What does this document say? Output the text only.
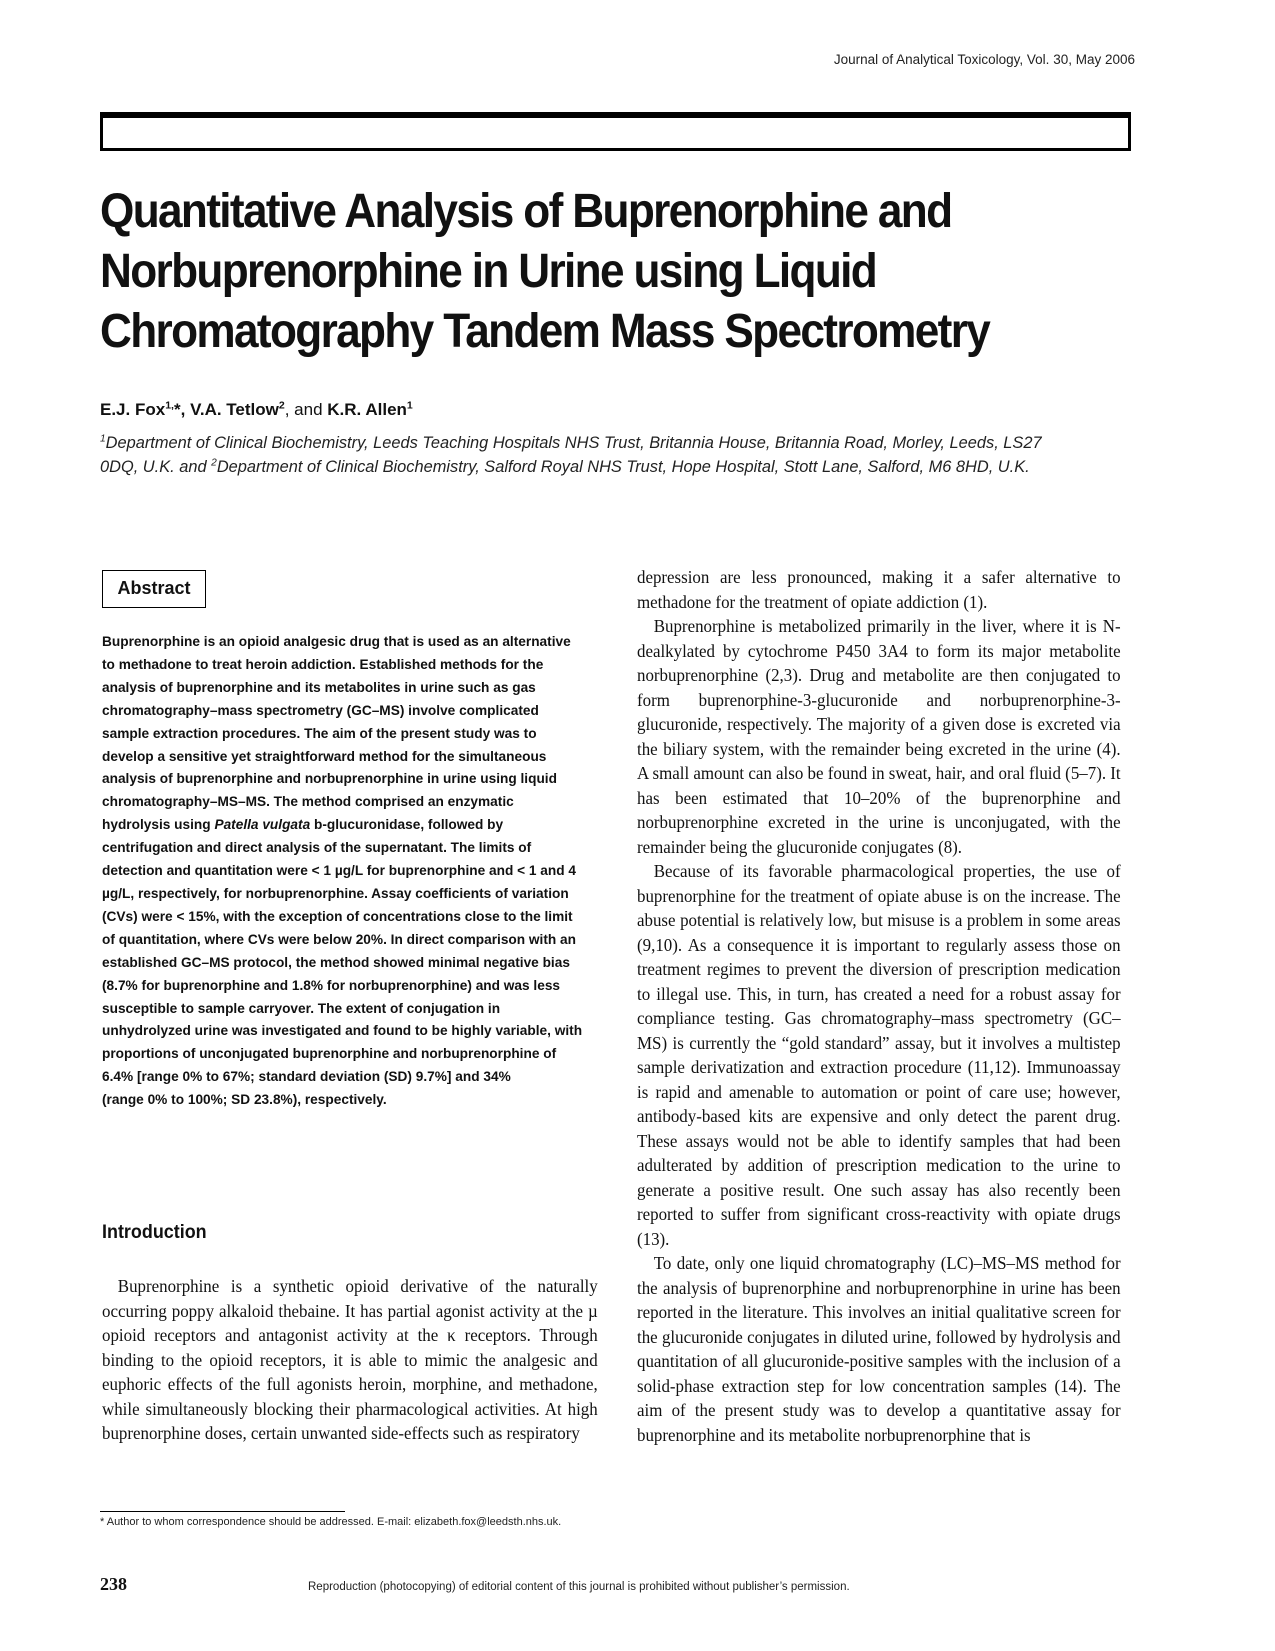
Journal of Analytical Toxicology, Vol. 30, May 2006
Quantitative Analysis of Buprenorphine and
Norbuprenorphine in Urine using Liquid
Chromatography Tandem Mass Spectrometry
E.J. Fox$^{1,}$*, V.A. Tetlow$^2$, and K.R. Allen$^1$
$^1$Department of Clinical Biochemistry, Leeds Teaching Hospitals NHS Trust, Britannia House, Britannia Road, Morley, Leeds, LS27 0DQ, U.K. and $^2$Department of Clinical Biochemistry, Salford Royal NHS Trust, Hope Hospital, Stott Lane, Salford, M6 8HD, U.K.
Abstract
Buprenorphine is an opioid analgesic drug that is used as an alternative to methadone to treat heroin addiction. Established methods for the analysis of buprenorphine and its metabolites in urine such as gas chromatography–mass spectrometry (GC–MS) involve complicated sample extraction procedures. The aim of the present study was to develop a sensitive yet straightforward method for the simultaneous analysis of buprenorphine and norbuprenorphine in urine using liquid chromatography–MS–MS. The method comprised an enzymatic hydrolysis using Patella vulgata b-glucuronidase, followed by centrifugation and direct analysis of the supernatant. The limits of detection and quantitation were < 1 µg/L for buprenorphine and < 1 and 4 µg/L, respectively, for norbuprenorphine. Assay coefficients of variation (CVs) were < 15%, with the exception of concentrations close to the limit of quantitation, where CVs were below 20%. In direct comparison with an established GC–MS protocol, the method showed minimal negative bias (8.7% for buprenorphine and 1.8% for norbuprenorphine) and was less susceptible to sample carryover. The extent of conjugation in unhydrolyzed urine was investigated and found to be highly variable, with proportions of unconjugated buprenorphine and norbuprenorphine of 6.4% [range 0% to 67%; standard deviation (SD) 9.7%] and 34%
(range 0% to 100%; SD 23.8%), respectively.
Introduction

Buprenorphine is a synthetic opioid derivative of the naturally occurring poppy alkaloid thebaine. It has partial agonist activity at the µ opioid receptors and antagonist activity at the κ receptors. Through binding to the opioid receptors, it is able to mimic the analgesic and euphoric effects of the full agonists heroin, morphine, and methadone, while simultaneously blocking their pharmacological activities. At high buprenorphine doses, certain unwanted side-effects such as respiratory

depression are less pronounced, making it a safer alternative to methadone for the treatment of opiate addiction (1).

Buprenorphine is metabolized primarily in the liver, where it is N-dealkylated by cytochrome P450 3A4 to form its major metabolite norbuprenorphine (2,3). Drug and metabolite are then conjugated to form buprenorphine-3-glucuronide and norbuprenorphine-3-glucuronide, respectively. The majority of a given dose is excreted via the biliary system, with the remainder being excreted in the urine (4). A small amount can also be found in sweat, hair, and oral fluid (5–7). It has been estimated that 10–20% of the buprenorphine and norbuprenorphine excreted in the urine is unconjugated, with the remainder being the glucuronide conjugates (8).

Because of its favorable pharmacological properties, the use of buprenorphine for the treatment of opiate abuse is on the increase. The abuse potential is relatively low, but misuse is a problem in some areas (9,10). As a consequence it is important to regularly assess those on treatment regimes to prevent the diversion of prescription medication to illegal use. This, in turn, has created a need for a robust assay for compliance testing. Gas chromatography–mass spectrometry (GC–MS) is currently the “gold standard” assay, but it involves a multistep sample derivatization and extraction procedure (11,12). Immunoassay is rapid and amenable to automation or point of care use; however, antibody-based kits are expensive and only detect the parent drug. These assays would not be able to identify samples that had been adulterated by addition of prescription medication to the urine to generate a positive result. One such assay has also recently been reported to suffer from significant cross-reactivity with opiate drugs (13).

To date, only one liquid chromatography (LC)–MS–MS method for the analysis of buprenorphine and norbuprenorphine in urine has been reported in the literature. This involves an initial qualitative screen for the glucuronide conjugates in diluted urine, followed by hydrolysis and quantitation of all glucuronide-positive samples with the inclusion of a solid-phase extraction step for low concentration samples (14). The aim of the present study was to develop a quantitative assay for buprenorphine and its metabolite norbuprenorphine that is

* Author to whom correspondence should be addressed. E-mail: elizabeth.fox@leedsth.nhs.uk.
238	Reproduction (photocopying) of editorial content of this journal is prohibited without publisher’s permission.
